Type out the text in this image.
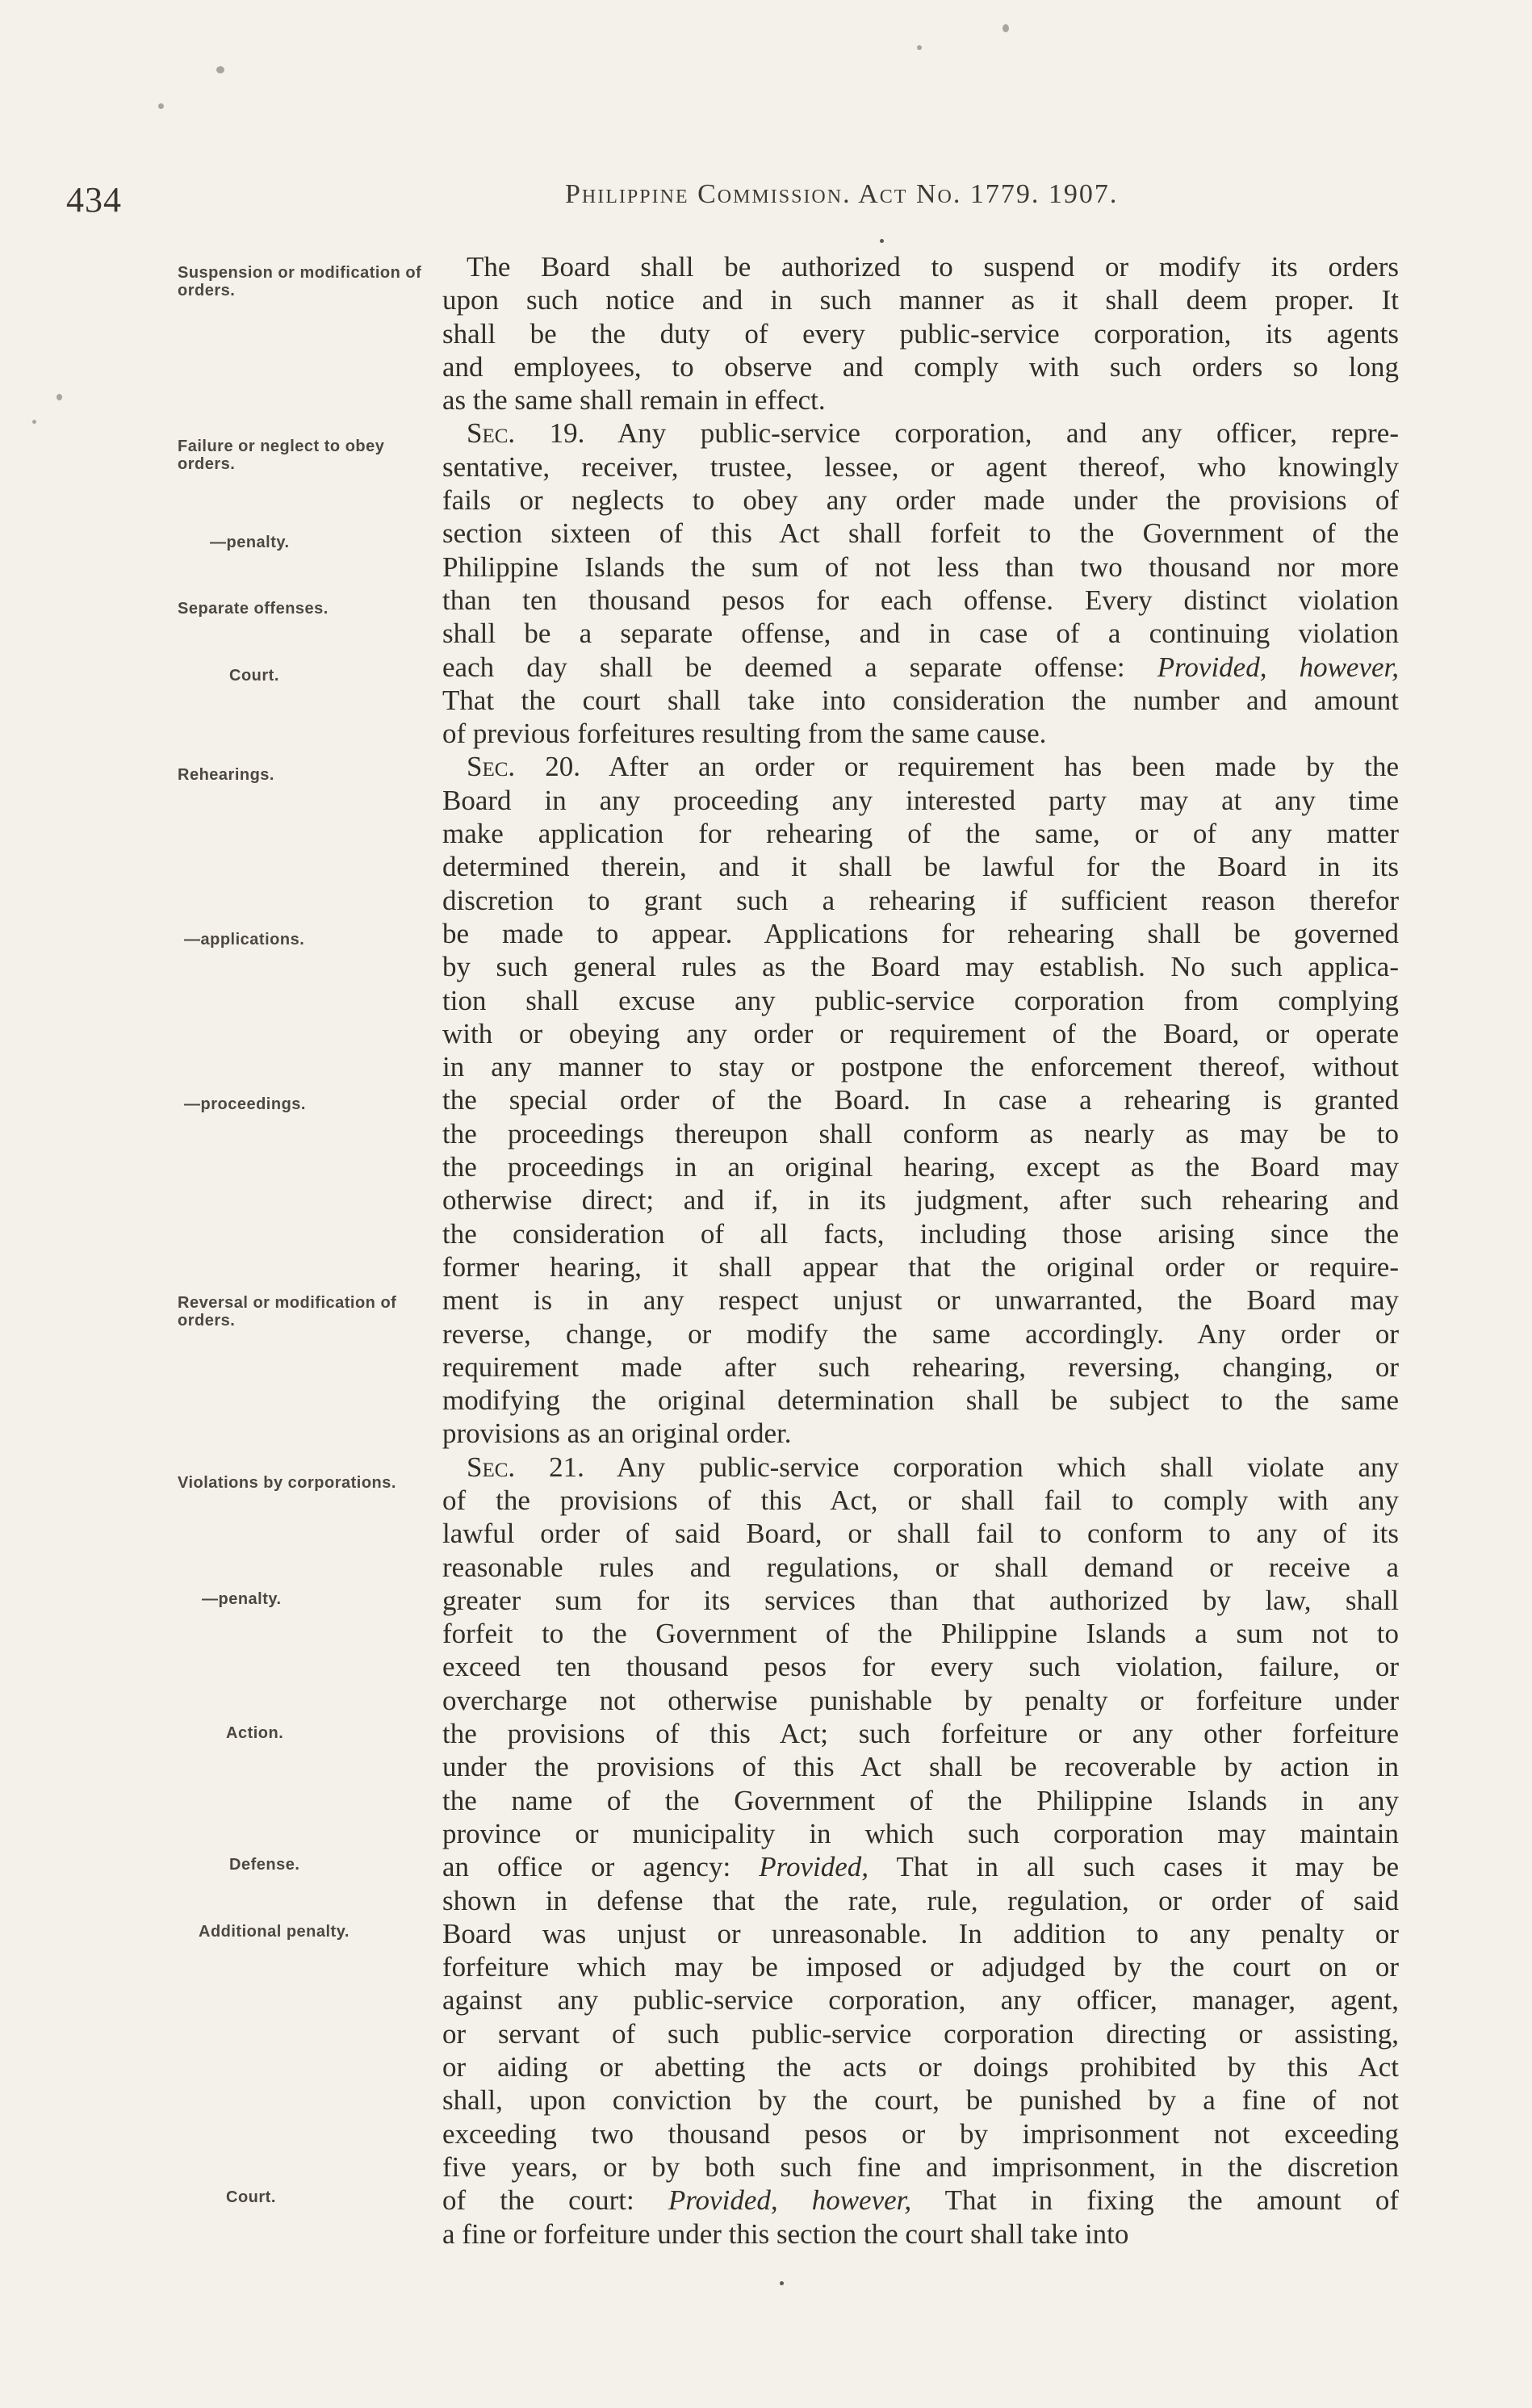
434	Philippine Commission. Act No. 1779. 1907.
Suspension or modification of orders.
Failure or neglect to obey orders.
—penalty.
Separate offenses.
Court.
Rehearings.
—applications.
—proceedings.
Reversal or modification of orders.
Violations by corporations.
—penalty.
Action.
Defense.
Additional penalty.
Court.
The Board shall be authorized to suspend or modify its orders
upon such notice and in such manner as it shall deem proper. It
shall be the duty of every public-service corporation, its agents
and employees, to observe and comply with such orders so long
as the same shall remain in effect.
Sec. 19. Any public-service corporation, and any officer, repre-
sentative, receiver, trustee, lessee, or agent thereof, who knowingly
fails or neglects to obey any order made under the provisions of
section sixteen of this Act shall forfeit to the Government of the
Philippine Islands the sum of not less than two thousand nor more
than ten thousand pesos for each offense. Every distinct violation
shall be a separate offense, and in case of a continuing violation
each day shall be deemed a separate offense: Provided, however,
That the court shall take into consideration the number and amount
of previous forfeitures resulting from the same cause.
Sec. 20. After an order or requirement has been made by the
Board in any proceeding any interested party may at any time
make application for rehearing of the same, or of any matter
determined therein, and it shall be lawful for the Board in its
discretion to grant such a rehearing if sufficient reason therefor
be made to appear. Applications for rehearing shall be governed
by such general rules as the Board may establish. No such applica-
tion shall excuse any public-service corporation from complying
with or obeying any order or requirement of the Board, or operate
in any manner to stay or postpone the enforcement thereof, without
the special order of the Board. In case a rehearing is granted
the proceedings thereupon shall conform as nearly as may be to
the proceedings in an original hearing, except as the Board may
otherwise direct; and if, in its judgment, after such rehearing and
the consideration of all facts, including those arising since the
former hearing, it shall appear that the original order or require-
ment is in any respect unjust or unwarranted, the Board may
reverse, change, or modify the same accordingly. Any order or
requirement made after such rehearing, reversing, changing, or
modifying the original determination shall be subject to the same
provisions as an original order.
Sec. 21. Any public-service corporation which shall violate any
of the provisions of this Act, or shall fail to comply with any
lawful order of said Board, or shall fail to conform to any of its
reasonable rules and regulations, or shall demand or receive a
greater sum for its services than that authorized by law, shall
forfeit to the Government of the Philippine Islands a sum not to
exceed ten thousand pesos for every such violation, failure, or
overcharge not otherwise punishable by penalty or forfeiture under
the provisions of this Act; such forfeiture or any other forfeiture
under the provisions of this Act shall be recoverable by action in
the name of the Government of the Philippine Islands in any
province or municipality in which such corporation may maintain
an office or agency: Provided, That in all such cases it may be
shown in defense that the rate, rule, regulation, or order of said
Board was unjust or unreasonable. In addition to any penalty or
forfeiture which may be imposed or adjudged by the court on or
against any public-service corporation, any officer, manager, agent,
or servant of such public-service corporation directing or assisting,
or aiding or abetting the acts or doings prohibited by this Act
shall, upon conviction by the court, be punished by a fine of not
exceeding two thousand pesos or by imprisonment not exceeding
five years, or by both such fine and imprisonment, in the discretion
of the court: Provided, however, That in fixing the amount of
a fine or forfeiture under this section the court shall take into
